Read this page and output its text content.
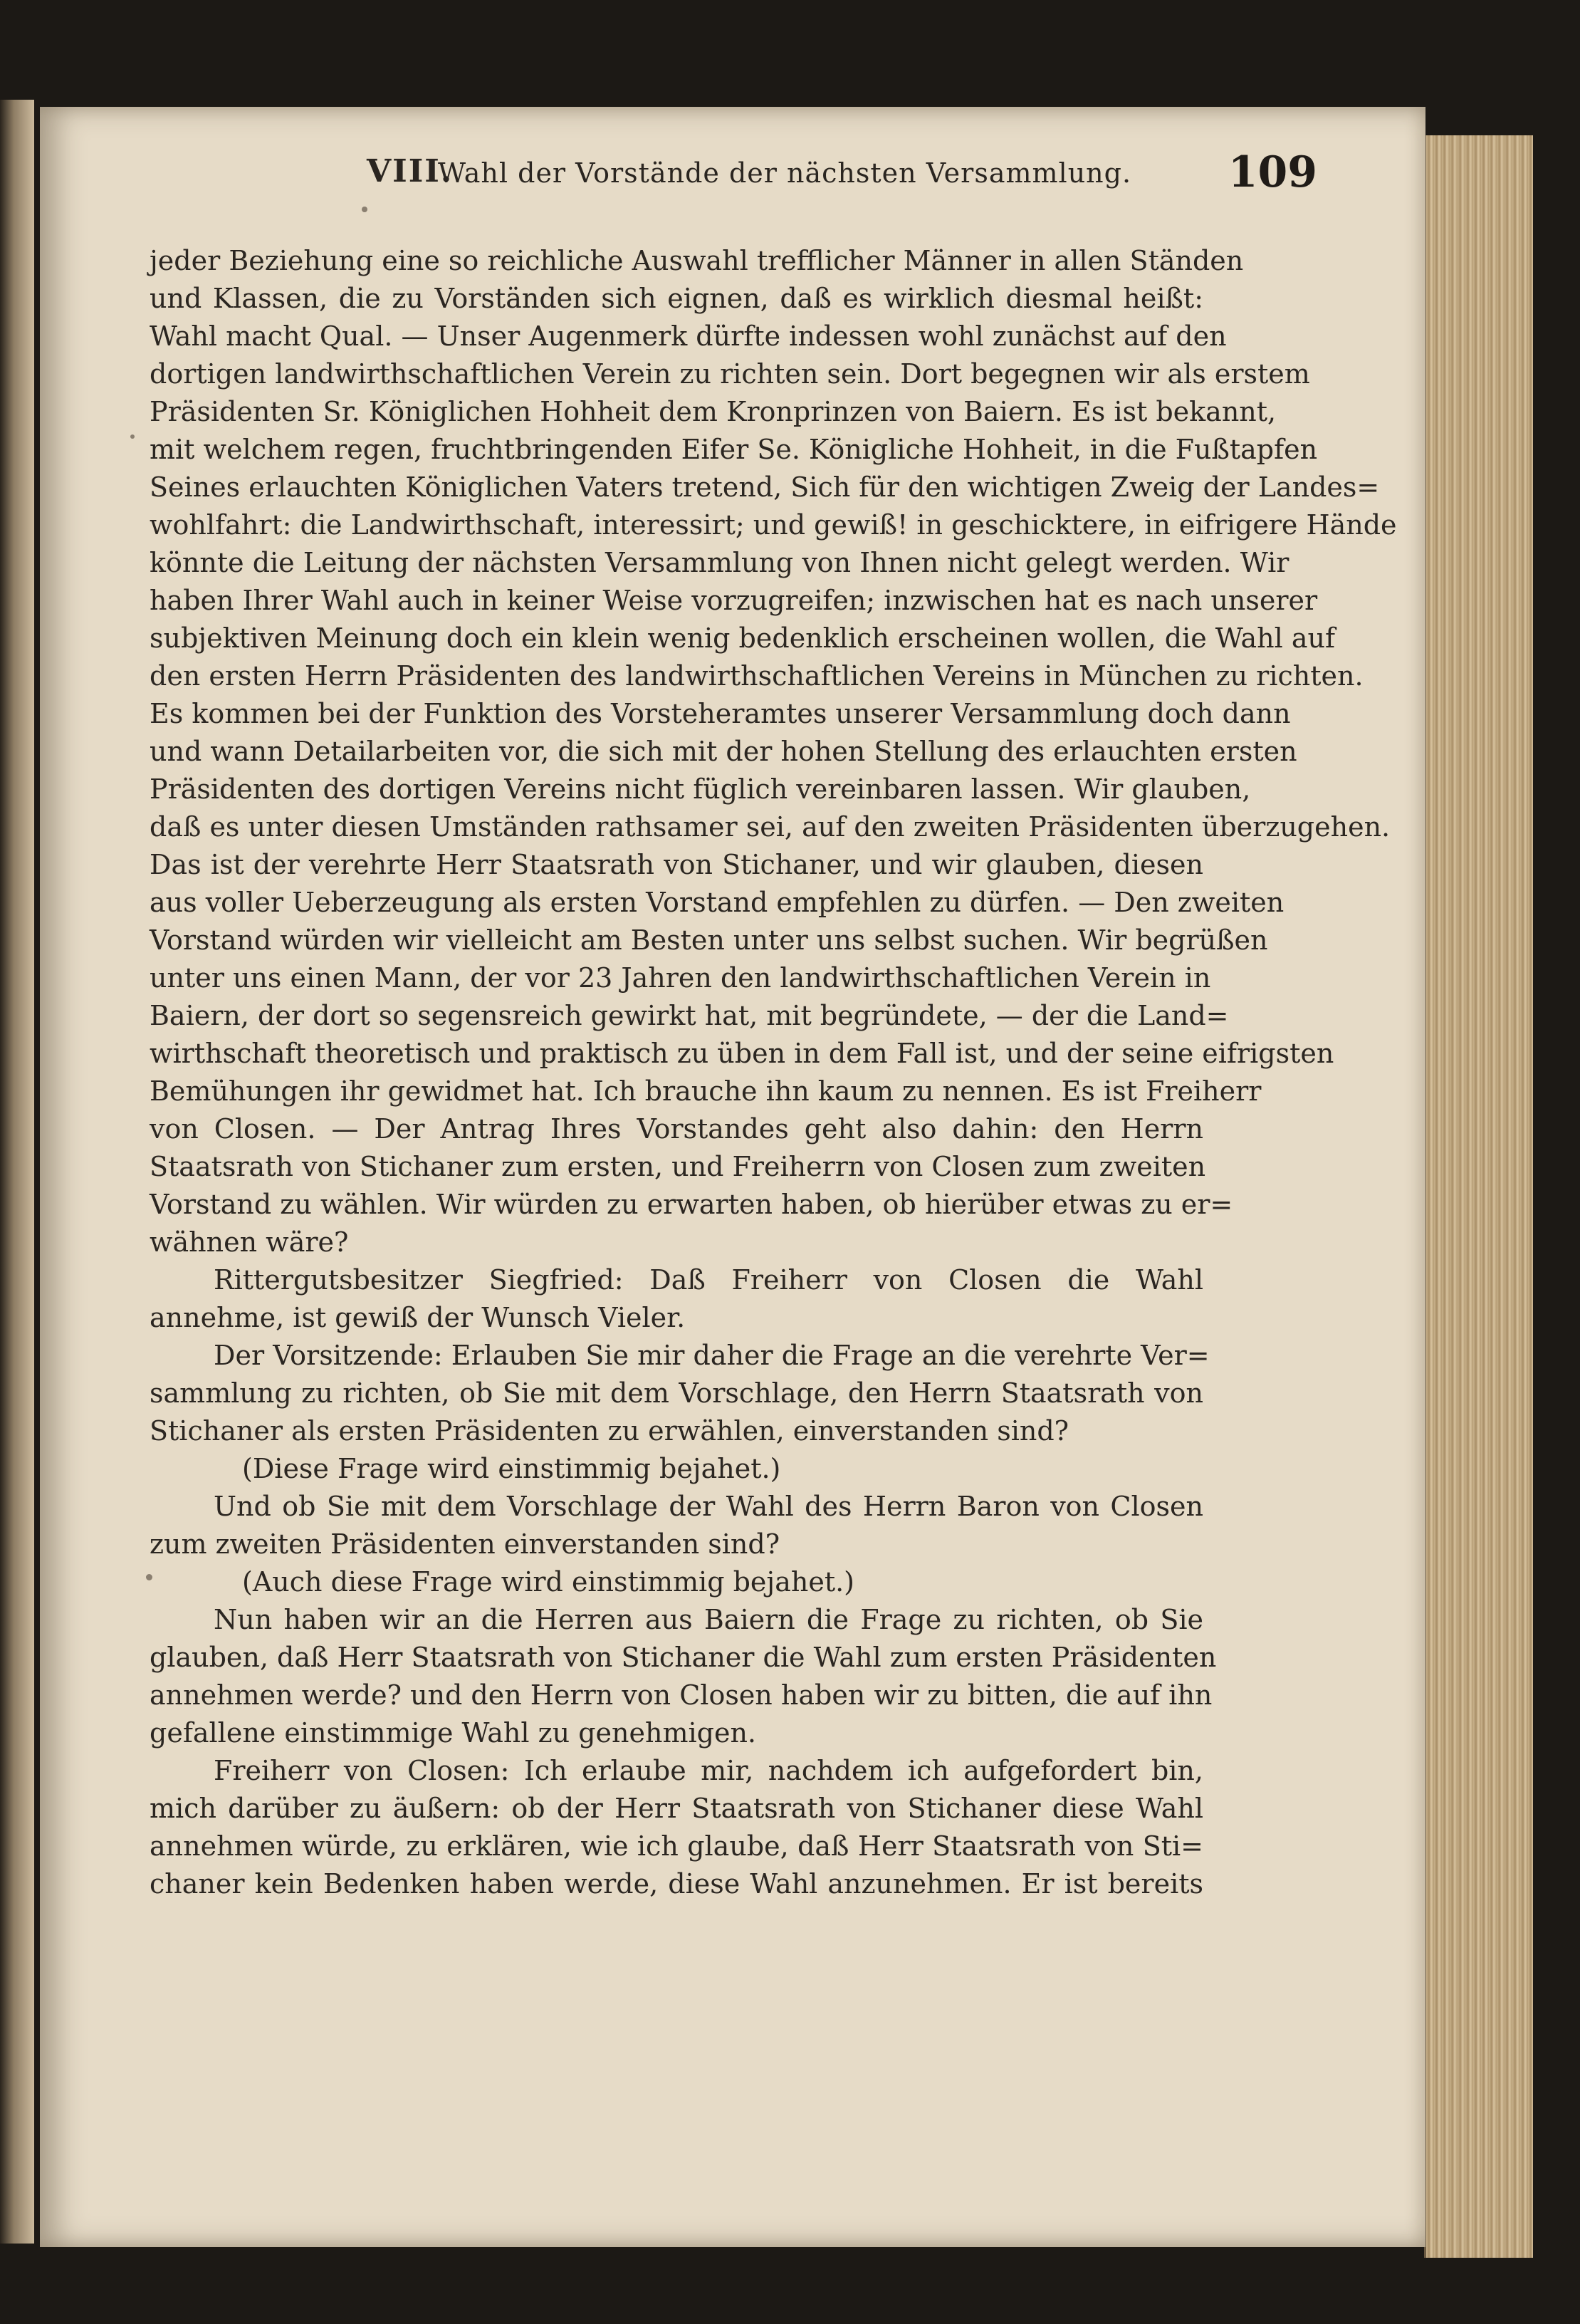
VIII.
Wahl der Vorstände der nächsten Versammlung. 109
jeder Beziehung eine so reichliche Auswahl trefflicher Männer in allen Ständen
und Klassen, die zu Vorständen sich eignen, daß es wirklich diesmal heißt:
Wahl macht Qual. — Unser Augenmerk dürfte indessen wohl zunächst auf den
dortigen landwirthschaftlichen Verein zu richten sein. Dort begegnen wir als erstem
Präsidenten Sr. Königlichen Hohheit dem Kronprinzen von Baiern. Es ist bekannt,
mit welchem regen, fruchtbringenden Eifer Se. Königliche Hohheit, in die Fußtapfen
Seines erlauchten Königlichen Vaters tretend, Sich für den wichtigen Zweig der Landes=
wohlfahrt: die Landwirthschaft, interessirt; und gewiß! in geschicktere, in eifrigere Hände
könnte die Leitung der nächsten Versammlung von Ihnen nicht gelegt werden. Wir
haben Ihrer Wahl auch in keiner Weise vorzugreifen; inzwischen hat es nach unserer
subjektiven Meinung doch ein klein wenig bedenklich erscheinen wollen, die Wahl auf
den ersten Herrn Präsidenten des landwirthschaftlichen Vereins in München zu richten.
Es kommen bei der Funktion des Vorsteheramtes unserer Versammlung doch dann
und wann Detailarbeiten vor, die sich mit der hohen Stellung des erlauchten ersten
Präsidenten des dortigen Vereins nicht füglich vereinbaren lassen. Wir glauben,
daß es unter diesen Umständen rathsamer sei, auf den zweiten Präsidenten überzugehen.
Das ist der verehrte Herr Staatsrath von Stichaner, und wir glauben, diesen
aus voller Ueberzeugung als ersten Vorstand empfehlen zu dürfen. — Den zweiten
Vorstand würden wir vielleicht am Besten unter uns selbst suchen. Wir begrüßen
unter uns einen Mann, der vor 23 Jahren den landwirthschaftlichen Verein in
Baiern, der dort so segensreich gewirkt hat, mit begründete, — der die Land=
wirthschaft theoretisch und praktisch zu üben in dem Fall ist, und der seine eifrigsten
Bemühungen ihr gewidmet hat. Ich brauche ihn kaum zu nennen. Es ist Freiherr
von Closen. — Der Antrag Ihres Vorstandes geht also dahin: den Herrn
Staatsrath von Stichaner zum ersten, und Freiherrn von Closen zum zweiten
Vorstand zu wählen. Wir würden zu erwarten haben, ob hierüber etwas zu er=
wähnen wäre?
Rittergutsbesitzer Siegfried: Daß Freiherr von Closen die Wahl
annehme, ist gewiß der Wunsch Vieler.
Der Vorsitzende: Erlauben Sie mir daher die Frage an die verehrte Ver=
sammlung zu richten, ob Sie mit dem Vorschlage, den Herrn Staatsrath von
Stichaner als ersten Präsidenten zu erwählen, einverstanden sind?
(Diese Frage wird einstimmig bejahet.)
Und ob Sie mit dem Vorschlage der Wahl des Herrn Baron von Closen
zum zweiten Präsidenten einverstanden sind?
(Auch diese Frage wird einstimmig bejahet.)
Nun haben wir an die Herren aus Baiern die Frage zu richten, ob Sie
glauben, daß Herr Staatsrath von Stichaner die Wahl zum ersten Präsidenten
annehmen werde? und den Herrn von Closen haben wir zu bitten, die auf ihn
gefallene einstimmige Wahl zu genehmigen.
Freiherr von Closen: Ich erlaube mir, nachdem ich aufgefordert bin,
mich darüber zu äußern: ob der Herr Staatsrath von Stichaner diese Wahl
annehmen würde, zu erklären, wie ich glaube, daß Herr Staatsrath von Sti=
chaner kein Bedenken haben werde, diese Wahl anzunehmen. Er ist bereits
